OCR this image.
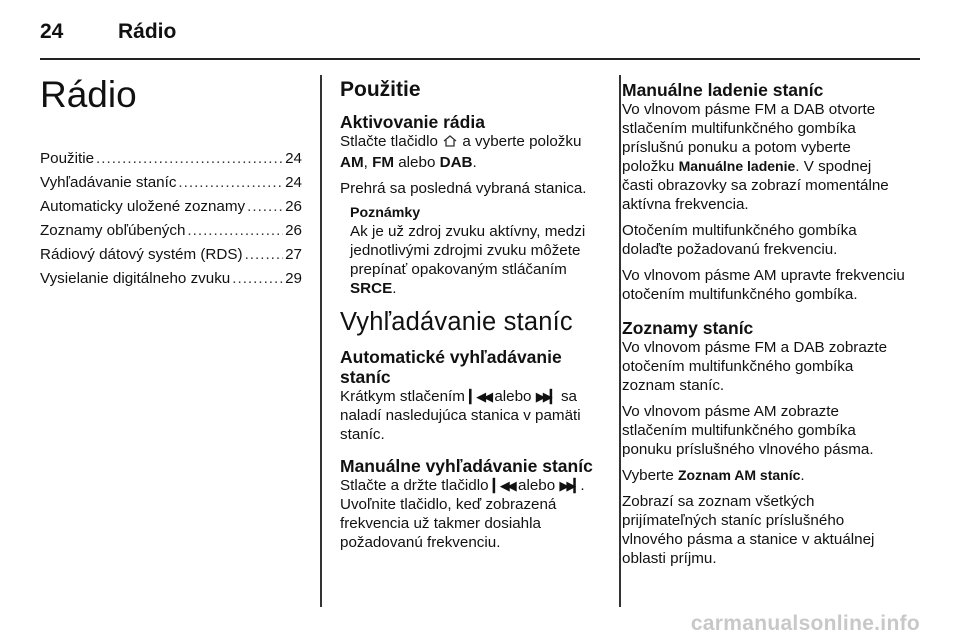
24	Rádio
Rádio
Použitie .....	24
Vyhľadávanie staníc .....	24
Automaticky uložené zoznamy .....	26
Zoznamy obľúbených .....	26
Rádiový dátový systém (RDS) .....	27
Vysielanie digitálneho zvuku .....	29
Použitie
Aktivovanie rádia

Stlačte tlačidlo  a vyberte položku
AM, FM alebo DAB.

Prehrá sa posledná vybraná stanica.

Poznámky
Ak je už zdroj zvuku aktívny, medzi jednotlivými zdrojmi zvuku môžete prepínať opakovaným stláčaním SRCE.
Vyhľadávanie staníc
Automatické vyhľadávanie staníc

Krátkym stlačením ▎◀◀ alebo ▶▶▎ sa naladí nasledujúca stanica v pamäti staníc.

Manuálne vyhľadávanie staníc

Stlačte a držte tlačidlo ▎◀◀ alebo ▶▶▎. Uvoľnite tlačidlo, keď zobrazená frekvencia už takmer dosiahla požadovanú frekvenciu.

Manuálne ladenie staníc

Vo vlnovom pásme FM a DAB otvorte stlačením multifunkčného gombíka príslušnú ponuku a potom vyberte položku Manuálne ladenie. V spodnej časti obrazovky sa zobrazí momentálne aktívna frekvencia.

Otočením multifunkčného gombíka dolaďte požadovanú frekvenciu.

Vo vlnovom pásme AM upravte frekvenciu otočením multifunkčného gombíka.

Zoznamy staníc

Vo vlnovom pásme FM a DAB zobrazte otočením multifunkčného gombíka zoznam staníc.

Vo vlnovom pásme AM zobrazte stlačením multifunkčného gombíka ponuku príslušného vlnového pásma.

Vyberte Zoznam AM staníc.

Zobrazí sa zoznam všetkých prijímateľných staníc príslušného vlnového pásma a stanice v aktuálnej oblasti príjmu.

carmanualsonline.info
